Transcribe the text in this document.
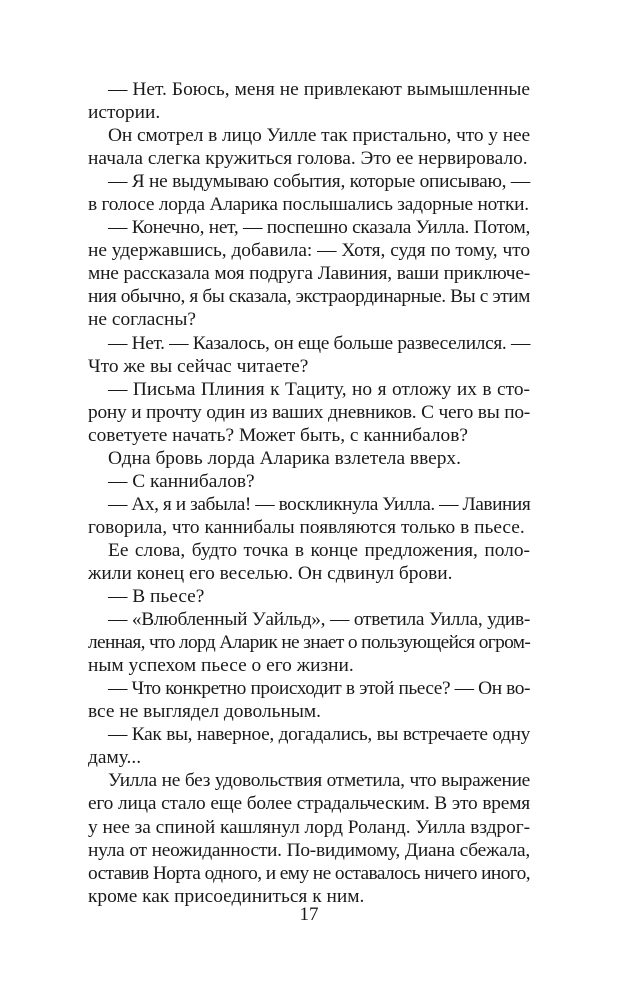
— Нет. Боюсь, меня не привлекают вымышленные
истории.
Он смотрел в лицо Уилле так пристально, что у нее
начала слегка кружиться голова. Это ее нервировало.
— Я не выдумываю события, которые описываю, —
в голосе лорда Аларика послышались задорные нотки.
— Конечно, нет, — поспешно сказала Уилла. Потом,
не удержавшись, добавила: — Хотя, судя по тому, что
мне рассказала моя подруга Лавиния, ваши приключе-
ния обычно, я бы сказала, экстраординарные. Вы с этим
не согласны?
— Нет. — Казалось, он еще больше развеселился. —
Что же вы сейчас читаете?
— Письма Плиния к Тациту, но я отложу их в сто-
рону и прочту один из ваших дневников. С чего вы по-
советуете начать? Может быть, с каннибалов?
Одна бровь лорда Аларика взлетела вверх.
— С каннибалов?
— Ах, я и забыла! — воскликнула Уилла. — Лавиния
говорила, что каннибалы появляются только в пьесе.
Ее слова, будто точка в конце предложения, поло-
жили конец его веселью. Он сдвинул брови.
— В пьесе?
— «Влюбленный Уайльд», — ответила Уилла, удив-
ленная, что лорд Аларик не знает о пользующейся огром-
ным успехом пьесе о его жизни.
— Что конкретно происходит в этой пьесе? — Он во-
все не выглядел довольным.
— Как вы, наверное, догадались, вы встречаете одну
даму...
Уилла не без удовольствия отметила, что выражение
его лица стало еще более страдальческим. В это время
у нее за спиной кашлянул лорд Роланд. Уилла вздрог-
нула от неожиданности. По-видимому, Диана сбежала,
оставив Норта одного, и ему не оставалось ничего иного,
кроме как присоединиться к ним.
17
